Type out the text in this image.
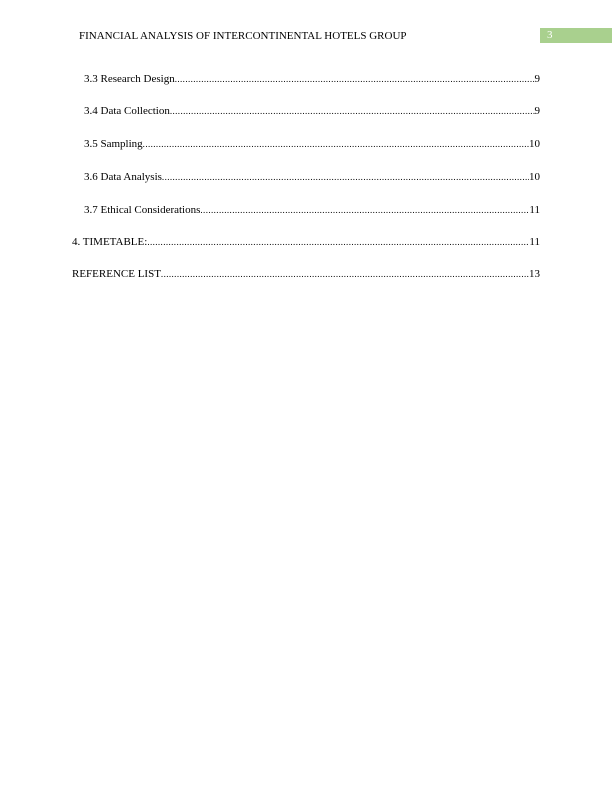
FINANCIAL ANALYSIS OF INTERCONTINENTAL HOTELS GROUP	3
3.3 Research Design .....	9
3.4 Data Collection .....	9
3.5 Sampling .....	10
3.6 Data Analysis .....	10
3.7 Ethical Considerations .....	11
4. TIMETABLE: .....	11
REFERENCE LIST .....	13
